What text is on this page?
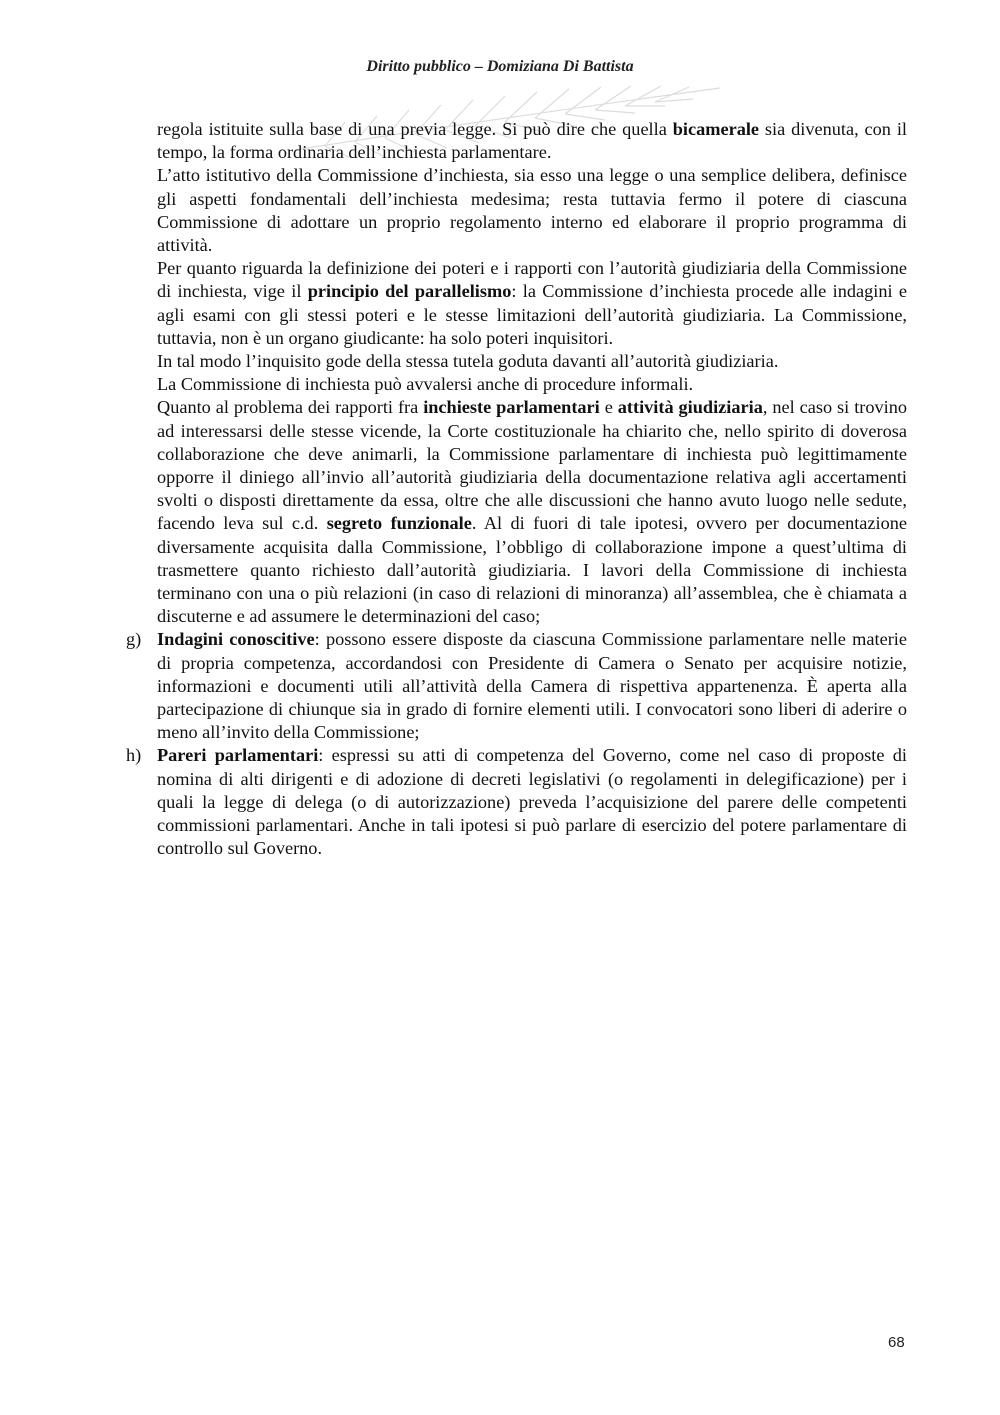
Diritto pubblico – Domiziana Di Battista

regola istituite sulla base di una previa legge. Si può dire che quella bicamerale sia divenuta, con il tempo, la forma ordinaria dell’inchiesta parlamentare.

L’atto istitutivo della Commissione d’inchiesta, sia esso una legge o una semplice delibera, definisce gli aspetti fondamentali dell’inchiesta medesima; resta tuttavia fermo il potere di ciascuna Commissione di adottare un proprio regolamento interno ed elaborare il proprio programma di attività.

Per quanto riguarda la definizione dei poteri e i rapporti con l’autorità giudiziaria della Commissione di inchiesta, vige il principio del parallelismo: la Commissione d’inchiesta procede alle indagini e agli esami con gli stessi poteri e le stesse limitazioni dell’autorità giudiziaria. La Commissione, tuttavia, non è un organo giudicante: ha solo poteri inquisitori.

In tal modo l’inquisito gode della stessa tutela goduta davanti all’autorità giudiziaria.

La Commissione di inchiesta può avvalersi anche di procedure informali.

Quanto al problema dei rapporti fra inchieste parlamentari e attività giudiziaria, nel caso si trovino ad interessarsi delle stesse vicende, la Corte costituzionale ha chiarito che, nello spirito di doverosa collaborazione che deve animarli, la Commissione parlamentare di inchiesta può legittimamente opporre il diniego all’invio all’autorità giudiziaria della documentazione relativa agli accertamenti svolti o disposti direttamente da essa, oltre che alle discussioni che hanno avuto luogo nelle sedute, facendo leva sul c.d. segreto funzionale. Al di fuori di tale ipotesi, ovvero per documentazione diversamente acquisita dalla Commissione, l’obbligo di collaborazione impone a quest’ultima di trasmettere quanto richiesto dall’autorità giudiziaria. I lavori della Commissione di inchiesta terminano con una o più relazioni (in caso di relazioni di minoranza) all’assemblea, che è chiamata a discuterne e ad assumere le determinazioni del caso;

g) Indagini conoscitive: possono essere disposte da ciascuna Commissione parlamentare nelle materie di propria competenza, accordandosi con Presidente di Camera o Senato per acquisire notizie, informazioni e documenti utili all’attività della Camera di rispettiva appartenenza. È aperta alla partecipazione di chiunque sia in grado di fornire elementi utili. I convocatori sono liberi di aderire o meno all’invito della Commissione;

h) Pareri parlamentari: espressi su atti di competenza del Governo, come nel caso di proposte di nomina di alti dirigenti e di adozione di decreti legislativi (o regolamenti in delegificazione) per i quali la legge di delega (o di autorizzazione) preveda l’acquisizione del parere delle competenti commissioni parlamentari. Anche in tali ipotesi si può parlare di esercizio del potere parlamentare di controllo sul Governo.

68
